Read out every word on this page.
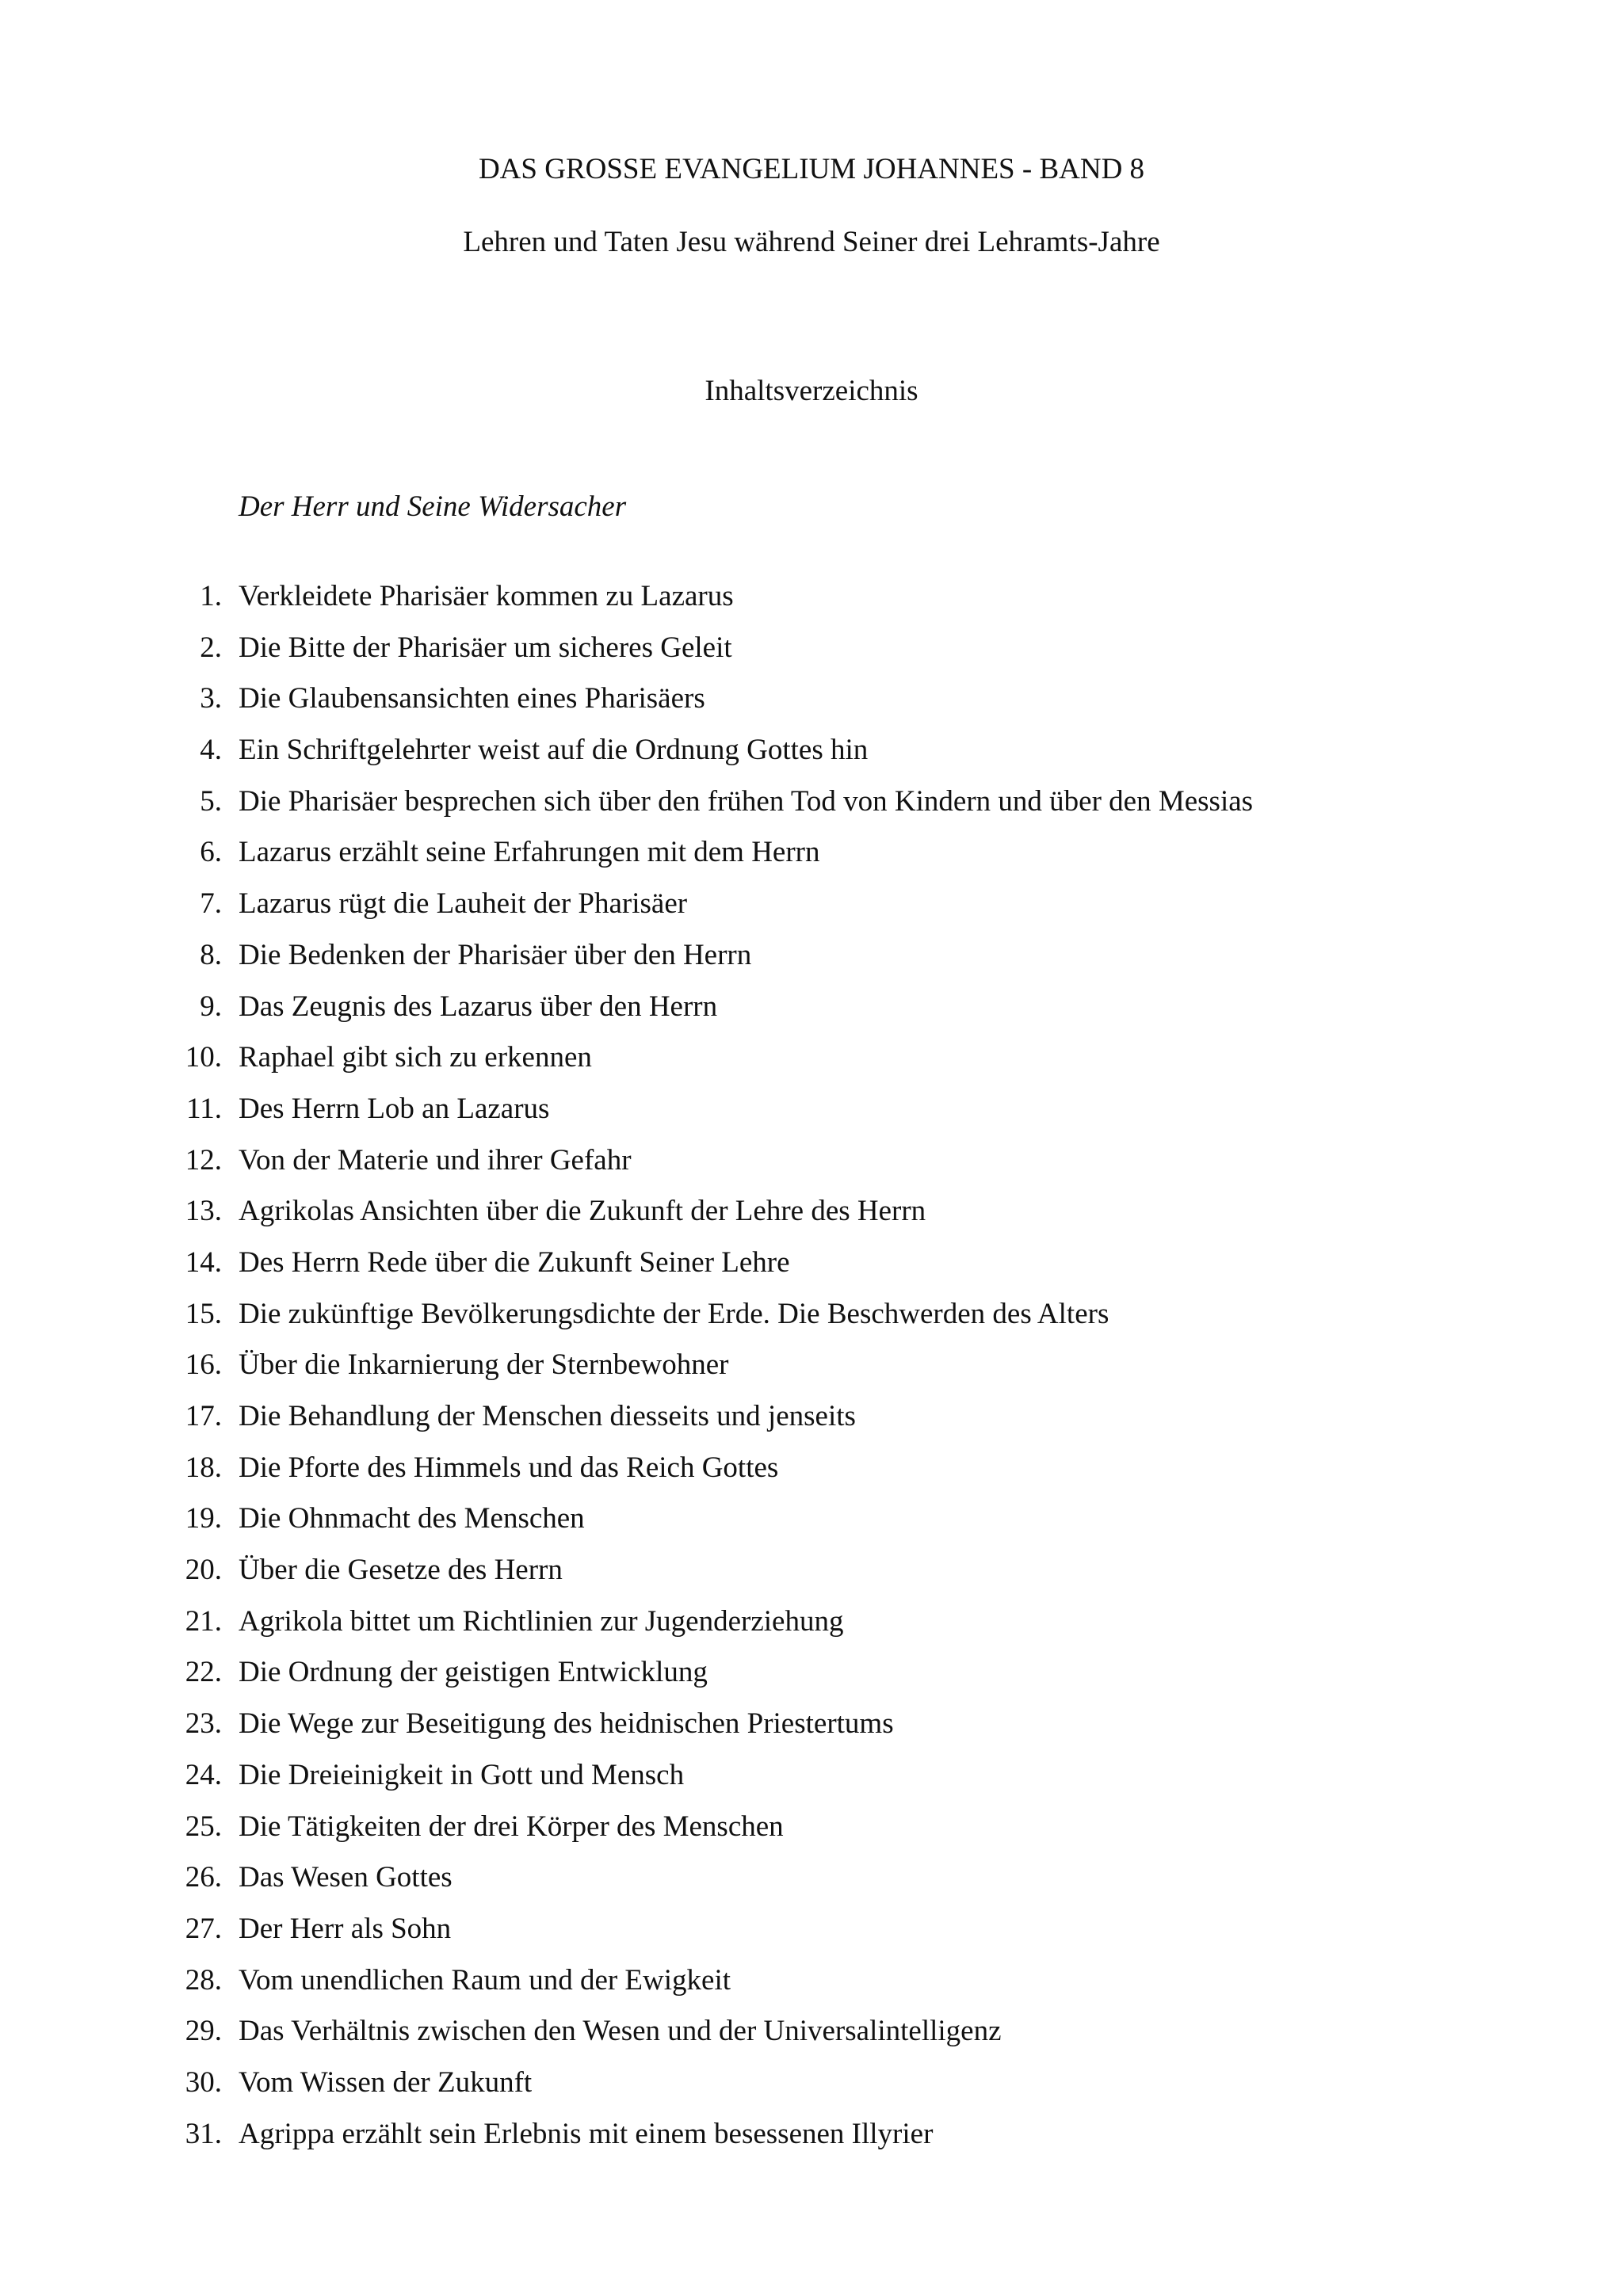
DAS GROSSE EVANGELIUM JOHANNES - BAND 8

Lehren und Taten Jesu während Seiner drei Lehramts-Jahre

Inhaltsverzeichnis
Der Herr und Seine Widersacher
1. Verkleidete Pharisäer kommen zu Lazarus
2. Die Bitte der Pharisäer um sicheres Geleit
3. Die Glaubensansichten eines Pharisäers
4. Ein Schriftgelehrter weist auf die Ordnung Gottes hin
5. Die Pharisäer besprechen sich über den frühen Tod von Kindern und über den Messias
6. Lazarus erzählt seine Erfahrungen mit dem Herrn
7. Lazarus rügt die Lauheit der Pharisäer
8. Die Bedenken der Pharisäer über den Herrn
9. Das Zeugnis des Lazarus über den Herrn
10. Raphael gibt sich zu erkennen
11. Des Herrn Lob an Lazarus
12. Von der Materie und ihrer Gefahr
13. Agrikolas Ansichten über die Zukunft der Lehre des Herrn
14. Des Herrn Rede über die Zukunft Seiner Lehre
15. Die zukünftige Bevölkerungsdichte der Erde. Die Beschwerden des Alters
16. Über die Inkarnierung der Sternbewohner
17. Die Behandlung der Menschen diesseits und jenseits
18. Die Pforte des Himmels und das Reich Gottes
19. Die Ohnmacht des Menschen
20. Über die Gesetze des Herrn
21. Agrikola bittet um Richtlinien zur Jugenderziehung
22. Die Ordnung der geistigen Entwicklung
23. Die Wege zur Beseitigung des heidnischen Priestertums
24. Die Dreieinigkeit in Gott und Mensch
25. Die Tätigkeiten der drei Körper des Menschen
26. Das Wesen Gottes
27. Der Herr als Sohn
28. Vom unendlichen Raum und der Ewigkeit
29. Das Verhältnis zwischen den Wesen und der Universalintelligenz
30. Vom Wissen der Zukunft
31. Agrippa erzählt sein Erlebnis mit einem besessenen Illyrier
